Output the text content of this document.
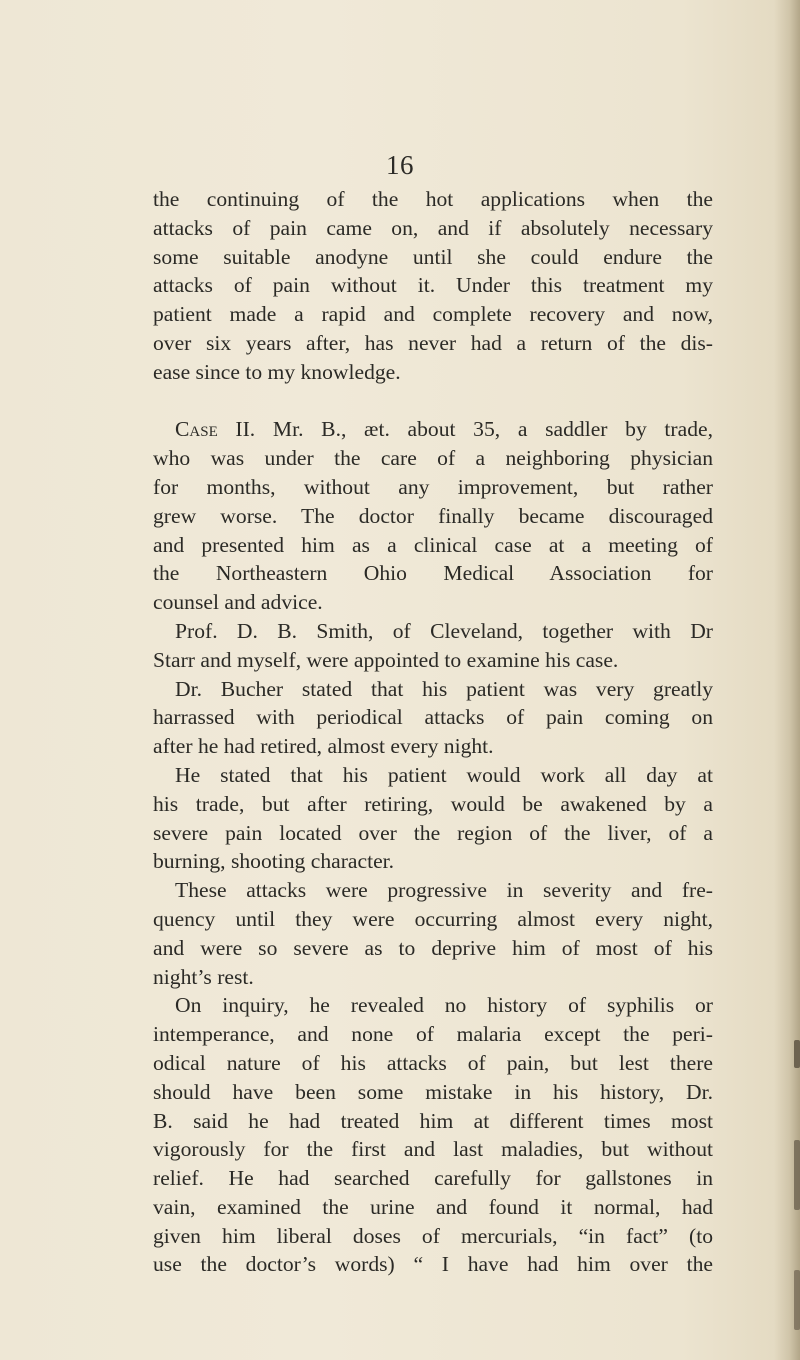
16
the continuing of the hot applications when the
attacks of pain came on, and if absolutely necessary
some suitable anodyne until she could endure the
attacks of pain without it. Under this treatment my
patient made a rapid and complete recovery and now,
over six years after, has never had a return of the dis-
ease since to my knowledge.
Case II. Mr. B., æt. about 35, a saddler by trade,
who was under the care of a neighboring physician
for months, without any improvement, but rather
grew worse. The doctor finally became discouraged
and presented him as a clinical case at a meeting of
the Northeastern Ohio Medical Association for
counsel and advice.
Prof. D. B. Smith, of Cleveland, together with Dr
Starr and myself, were appointed to examine his case.
Dr. Bucher stated that his patient was very greatly
harrassed with periodical attacks of pain coming on
after he had retired, almost every night.
He stated that his patient would work all day at
his trade, but after retiring, would be awakened by a
severe pain located over the region of the liver, of a
burning, shooting character.
These attacks were progressive in severity and fre-
quency until they were occurring almost every night,
and were so severe as to deprive him of most of his
night’s rest.
On inquiry, he revealed no history of syphilis or
intemperance, and none of malaria except the peri-
odical nature of his attacks of pain, but lest there
should have been some mistake in his history, Dr.
B. said he had treated him at different times most
vigorously for the first and last maladies, but without
relief. He had searched carefully for gallstones in
vain, examined the urine and found it normal, had
given him liberal doses of mercurials, “in fact” (to
use the doctor’s words) “ I have had him over the
